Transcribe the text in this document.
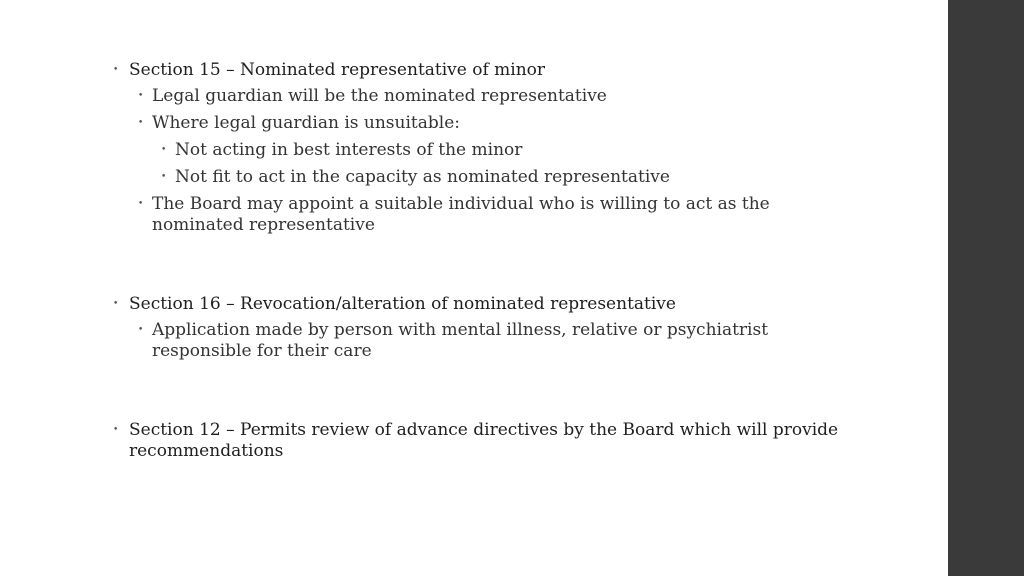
• Section 15 – Nominated representative of minor
• Legal guardian will be the nominated representative
• Where legal guardian is unsuitable:
• Not acting in best interests of the minor
• Not fit to act in the capacity as nominated representative
• The Board may appoint a suitable individual who is willing to act as the nominated representative
• Section 16 – Revocation/alteration of nominated representative
• Application made by person with mental illness, relative or psychiatrist responsible for their care
• Section 12 – Permits review of advance directives by the Board which will provide recommendations
